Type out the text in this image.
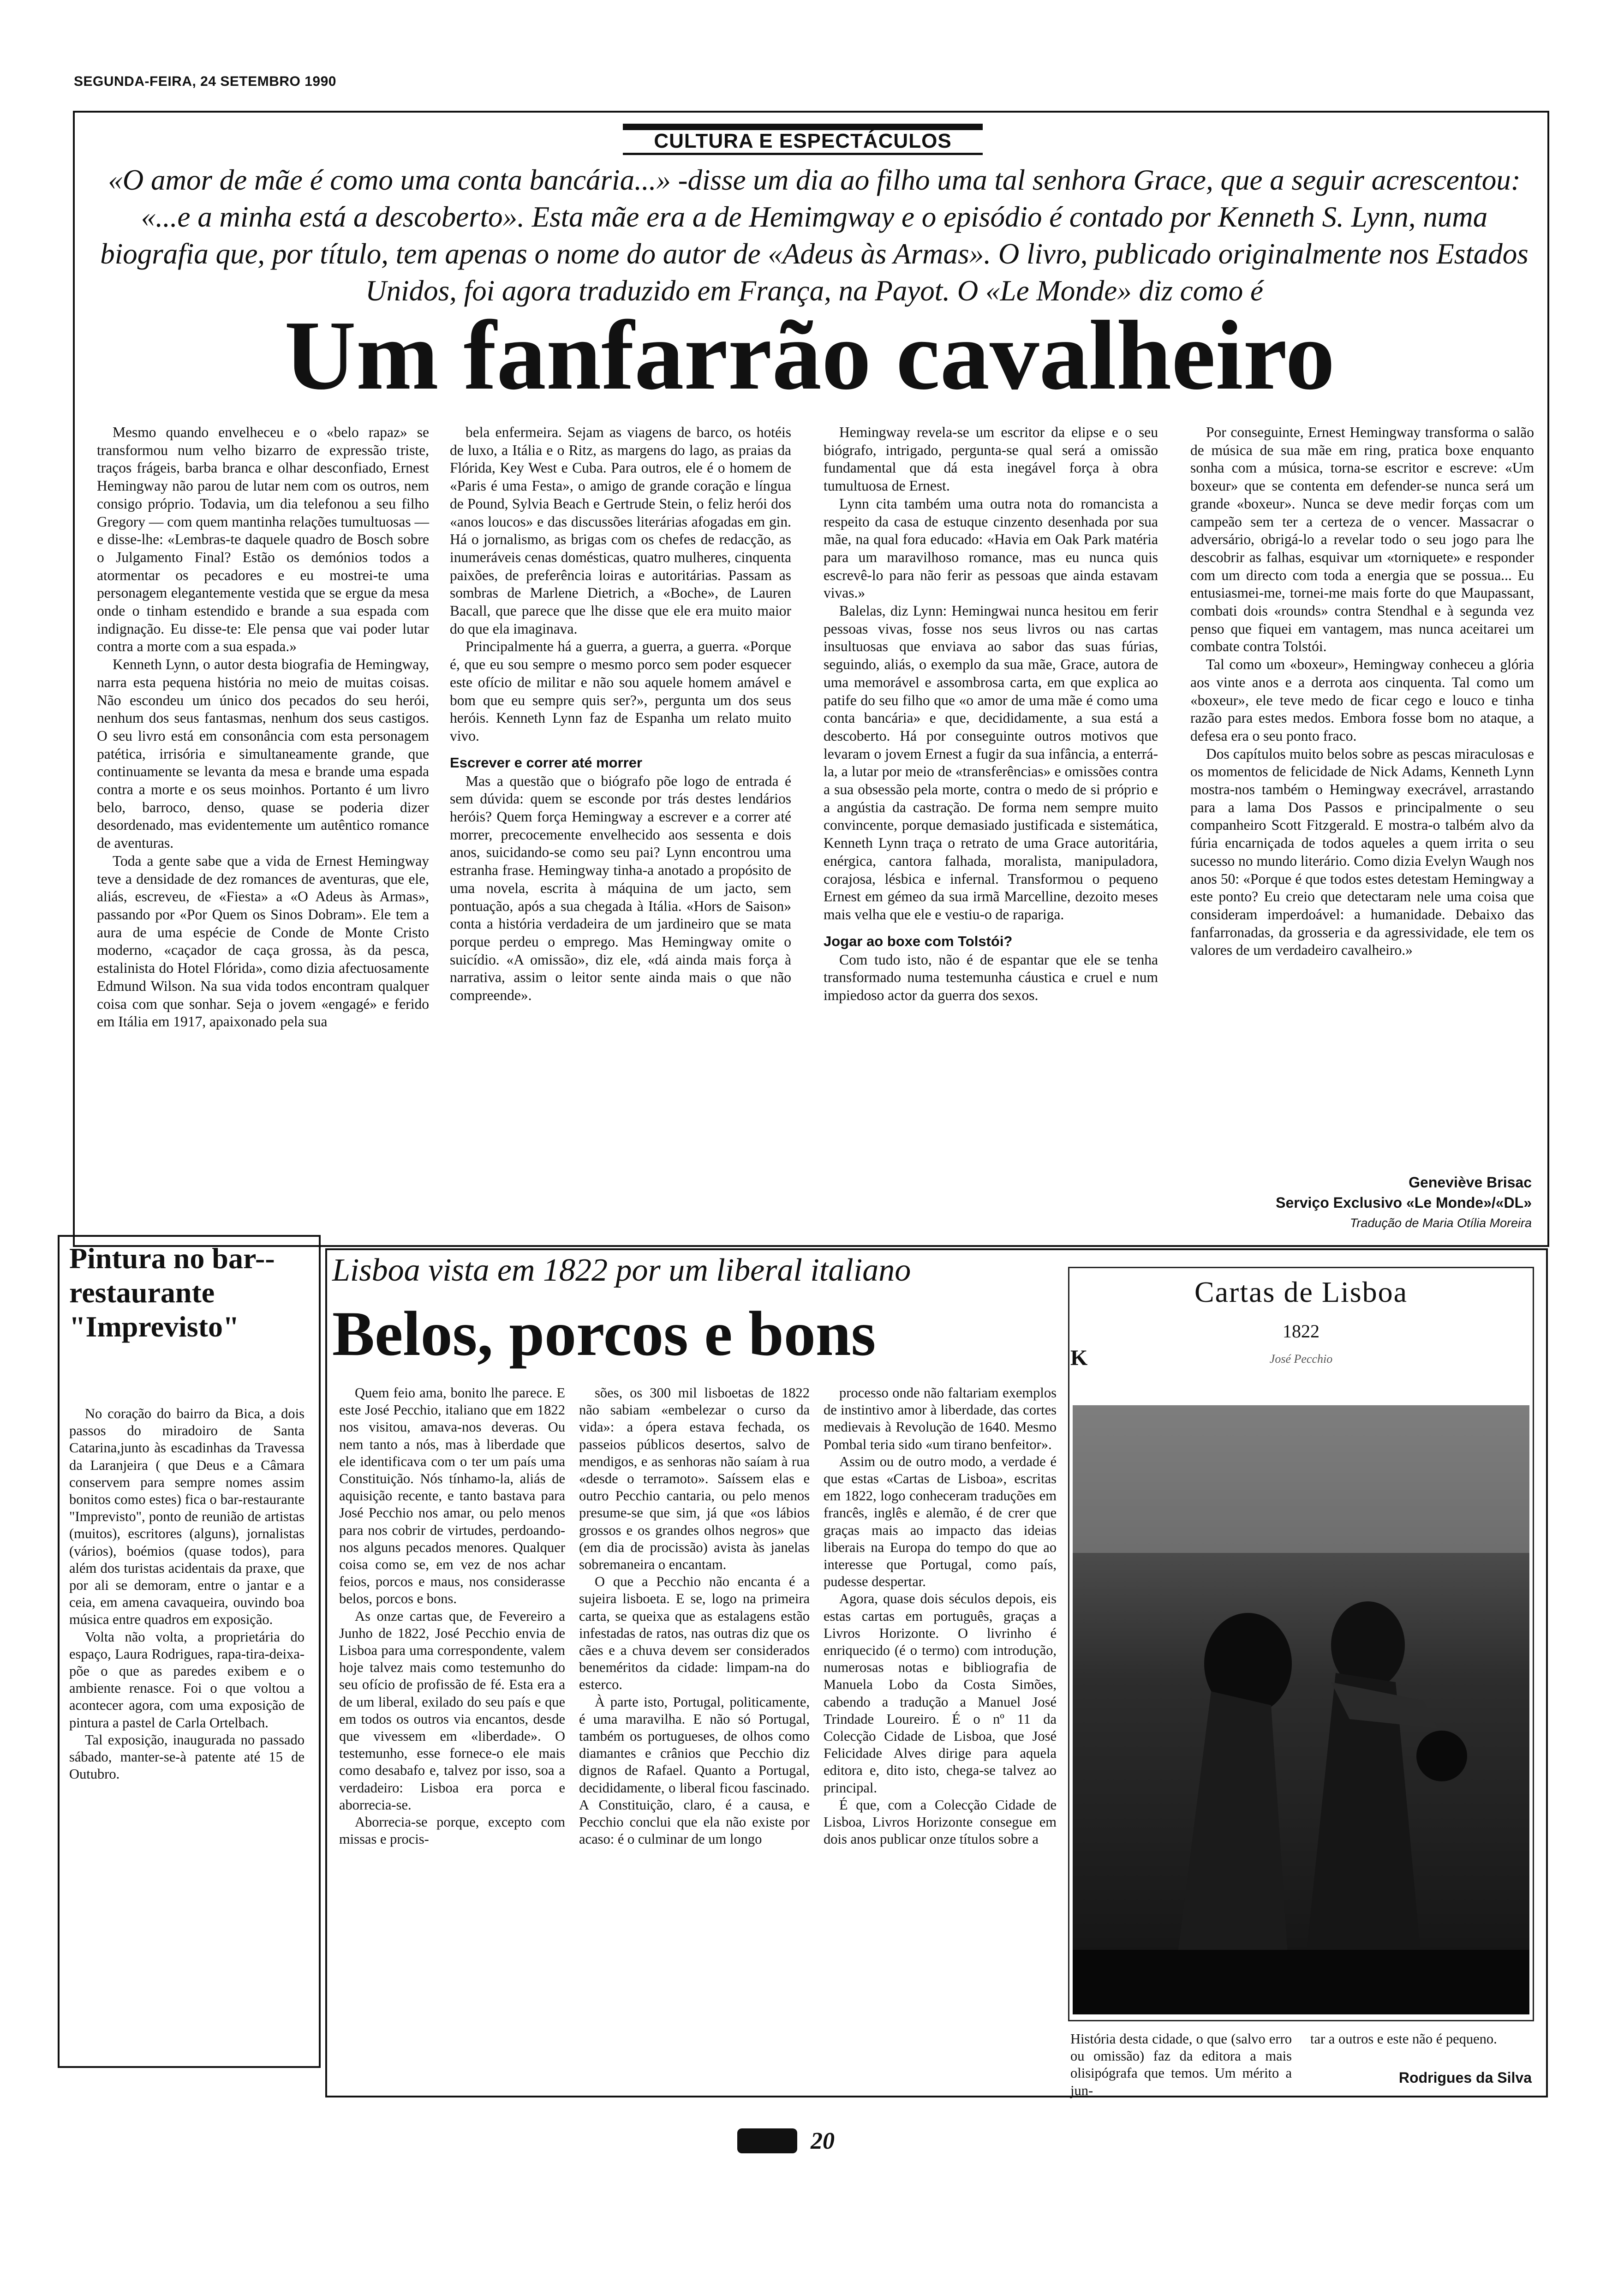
SEGUNDA-FEIRA, 24 SETEMBRO 1990
CULTURA E ESPECTÁCULOS
«O amor de mãe é como uma conta bancária...» -disse um dia ao filho uma tal senhora Grace, que a seguir acrescentou: «...e a minha está a descoberto». Esta mãe era a de Hemimgway e o episódio é contado por Kenneth S. Lynn, numa biografia que, por título, tem apenas o nome do autor de «Adeus às Armas». O livro, publicado originalmente nos Estados Unidos, foi agora traduzido em França, na Payot. O «Le Monde» diz como é
Um fanfarrão cavalheiro

Mesmo quando envelheceu e o «belo rapaz» se transformou num velho bizarro de expressão triste, traços frágeis, barba branca e olhar desconfiado, Ernest Hemingway não parou de lutar nem com os outros, nem consigo próprio. Todavia, um dia telefonou a seu filho Gregory — com quem mantinha relações tumultuosas — e disse-lhe: «Lembras-te daquele quadro de Bosch sobre o Julgamento Final? Estão os demónios todos a atormentar os pecadores e eu mostrei-te uma personagem elegantemente vestida que se ergue da mesa onde o tinham estendido e brande a sua espada com indignação. Eu disse-te: Ele pensa que vai poder lutar contra a morte com a sua espada.»

Kenneth Lynn, o autor desta biografia de Hemingway, narra esta pequena história no meio de muitas coisas. Não escondeu um único dos pecados do seu herói, nenhum dos seus fantasmas, nenhum dos seus castigos. O seu livro está em consonância com esta personagem patética, irrisória e simultaneamente grande, que continuamente se levanta da mesa e brande uma espada contra a morte e os seus moinhos. Portanto é um livro belo, barroco, denso, quase se poderia dizer desordenado, mas evidentemente um autêntico romance de aventuras.

Toda a gente sabe que a vida de Ernest Hemingway teve a densidade de dez romances de aventuras, que ele, aliás, escreveu, de «Fiesta» a «O Adeus às Armas», passando por «Por Quem os Sinos Dobram». Ele tem a aura de uma espécie de Conde de Monte Cristo moderno, «caçador de caça grossa, às da pesca, estalinista do Hotel Flórida», como dizia afectuosamente Edmund Wilson. Na sua vida todos encontram qualquer coisa com que sonhar. Seja o jovem «engagé» e ferido em Itália em 1917, apaixonado pela sua

bela enfermeira. Sejam as viagens de barco, os hotéis de luxo, a Itália e o Ritz, as margens do lago, as praias da Flórida, Key West e Cuba. Para outros, ele é o homem de «Paris é uma Festa», o amigo de grande coração e língua de Pound, Sylvia Beach e Gertrude Stein, o feliz herói dos «anos loucos» e das discussões literárias afogadas em gin. Há o jornalismo, as brigas com os chefes de redacção, as inumeráveis cenas domésticas, quatro mulheres, cinquenta paixões, de preferência loiras e autoritárias. Passam as sombras de Marlene Dietrich, a «Boche», de Lauren Bacall, que parece que lhe disse que ele era muito maior do que ela imaginava.

Principalmente há a guerra, a guerra, a guerra. «Porque é, que eu sou sempre o mesmo porco sem poder esquecer este ofício de militar e não sou aquele homem amável e bom que eu sempre quis ser?», pergunta um dos seus heróis. Kenneth Lynn faz de Espanha um relato muito vivo.

Escrever e correr até morrer

Mas a questão que o biógrafo põe logo de entrada é sem dúvida: quem se esconde por trás destes lendários heróis? Quem força Hemingway a escrever e a correr até morrer, precocemente envelhecido aos sessenta e dois anos, suicidando-se como seu pai? Lynn encontrou uma estranha frase. Hemingway tinha-a anotado a propósito de uma novela, escrita à máquina de um jacto, sem pontuação, após a sua chegada à Itália. «Hors de Saison» conta a história verdadeira de um jardineiro que se mata porque perdeu o emprego. Mas Hemingway omite o suicídio. «A omissão», diz ele, «dá ainda mais força à narrativa, assim o leitor sente ainda mais o que não compreende».

Hemingway revela-se um escritor da elipse e o seu biógrafo, intrigado, pergunta-se qual será a omissão fundamental que dá esta inegável força à obra tumultuosa de Ernest.

Lynn cita também uma outra nota do romancista a respeito da casa de estuque cinzento desenhada por sua mãe, na qual fora educado: «Havia em Oak Park matéria para um maravilhoso romance, mas eu nunca quis escrevê-lo para não ferir as pessoas que ainda estavam vivas.»

Balelas, diz Lynn: Hemingwai nunca hesitou em ferir pessoas vivas, fosse nos seus livros ou nas cartas insultuosas que enviava ao sabor das suas fúrias, seguindo, aliás, o exemplo da sua mãe, Grace, autora de uma memorável e assombrosa carta, em que explica ao patife do seu filho que «o amor de uma mãe é como uma conta bancária» e que, decididamente, a sua está a descoberto. Há por conseguinte outros motivos que levaram o jovem Ernest a fugir da sua infância, a enterrá-la, a lutar por meio de «transferências» e omissões contra a sua obsessão pela morte, contra o medo de si próprio e a angústia da castração. De forma nem sempre muito convincente, porque demasiado justificada e sistemática, Kenneth Lynn traça o retrato de uma Grace autoritária, enérgica, cantora falhada, moralista, manipuladora, corajosa, lésbica e infernal. Transformou o pequeno Ernest em gémeo da sua irmã Marcelline, dezoito meses mais velha que ele e vestiu-o de rapariga.

Jogar ao boxe com Tolstói?

Com tudo isto, não é de espantar que ele se tenha transformado numa testemunha cáustica e cruel e num impiedoso actor da guerra dos sexos.

Por conseguinte, Ernest Hemingway transforma o salão de música de sua mãe em ring, pratica boxe enquanto sonha com a música, torna-se escritor e escreve: «Um boxeur» que se contenta em defender-se nunca será um grande «boxeur». Nunca se deve medir forças com um campeão sem ter a certeza de o vencer. Massacrar o adversário, obrigá-lo a revelar todo o seu jogo para lhe descobrir as falhas, esquivar um «torniquete» e responder com um directo com toda a energia que se possua... Eu entusiasmei-me, tornei-me mais forte do que Maupassant, combati dois «rounds» contra Stendhal e à segunda vez penso que fiquei em vantagem, mas nunca aceitarei um combate contra Tolstói.

Tal como um «boxeur», Hemingway conheceu a glória aos vinte anos e a derrota aos cinquenta. Tal como um «boxeur», ele teve medo de ficar cego e louco e tinha razão para estes medos. Embora fosse bom no ataque, a defesa era o seu ponto fraco.

Dos capítulos muito belos sobre as pescas miraculosas e os momentos de felicidade de Nick Adams, Kenneth Lynn mostra-nos também o Hemingway execrável, arrastando para a lama Dos Passos e principalmente o seu companheiro Scott Fitzgerald. E mostra-o talbém alvo da fúria encarniçada de todos aqueles a quem irrita o seu sucesso no mundo literário. Como dizia Evelyn Waugh nos anos 50: «Porque é que todos estes detestam Hemingway a este ponto? Eu creio que detectaram nele uma coisa que consideram imperdoável: a humanidade. Debaixo das fanfarronadas, da grosseria e da agressividade, ele tem os valores de um verdadeiro cavalheiro.»

Geneviève Brisac
Serviço Exclusivo «Le Monde»/«DL»
Tradução de Maria Otília Moreira
Pintura no bar--restaurante "Imprevisto"

No coração do bairro da Bica, a dois passos do miradoiro de Santa Catarina,junto às escadinhas da Travessa da Laranjeira ( que Deus e a Câmara conservem para sempre nomes assim bonitos como estes) fica o bar-restaurante "Imprevisto", ponto de reunião de artistas (muitos), escritores (alguns), jornalistas (vários), boémios (quase todos), para além dos turistas acidentais da praxe, que por ali se demoram, entre o jantar e a ceia, em amena cavaqueira, ouvindo boa música entre quadros em exposição.

Volta não volta, a proprietária do espaço, Laura Rodrigues, rapa-tira-deixa-põe o que as paredes exibem e o ambiente renasce. Foi o que voltou a acontecer agora, com uma exposição de pintura a pastel de Carla Ortelbach.

Tal exposição, inaugurada no passado sábado, manter-se-à patente até 15 de Outubro.

Lisboa vista em 1822 por um liberal italiano
Belos, porcos e bons

Quem feio ama, bonito lhe parece. E este José Pecchio, italiano que em 1822 nos visitou, amava-nos deveras. Ou nem tanto a nós, mas à liberdade que ele identificava com o ter um país uma Constituição. Nós tínhamo-la, aliás de aquisição recente, e tanto bastava para José Pecchio nos amar, ou pelo menos para nos cobrir de virtudes, perdoando-nos alguns pecados menores. Qualquer coisa como se, em vez de nos achar feios, porcos e maus, nos considerasse belos, porcos e bons.

As onze cartas que, de Fevereiro a Junho de 1822, José Pecchio envia de Lisboa para uma correspondente, valem hoje talvez mais como testemunho do seu ofício de profissão de fé. Esta era a de um liberal, exilado do seu país e que em todos os outros via encantos, desde que vivessem em «liberdade». O testemunho, esse fornece-o ele mais como desabafo e, talvez por isso, soa a verdadeiro: Lisboa era porca e aborrecia-se.

Aborrecia-se porque, excepto com missas e procis-

sões, os 300 mil lisboetas de 1822 não sabiam «embelezar o curso da vida»: a ópera estava fechada, os passeios públicos desertos, salvo de mendigos, e as senhoras não saíam à rua «desde o terramoto». Saíssem elas e outro Pecchio cantaria, ou pelo menos presume-se que sim, já que «os lábios grossos e os grandes olhos negros» que (em dia de procissão) avista às janelas sobremaneira o encantam.

O que a Pecchio não encanta é a sujeira lisboeta. E se, logo na primeira carta, se queixa que as estalagens estão infestadas de ratos, nas outras diz que os cães e a chuva devem ser considerados beneméritos da cidade: limpam-na do esterco.

À parte isto, Portugal, politicamente, é uma maravilha. E não só Portugal, também os portugueses, de olhos como diamantes e crânios que Pecchio diz dignos de Rafael. Quanto a Portugal, decididamente, o liberal ficou fascinado. A Constituição, claro, é a causa, e Pecchio conclui que ela não existe por acaso: é o culminar de um longo

processo onde não faltariam exemplos de instintivo amor à liberdade, das cortes medievais à Revolução de 1640. Mesmo Pombal teria sido «um tirano benfeitor».

Assim ou de outro modo, a verdade é que estas «Cartas de Lisboa», escritas em 1822, logo conheceram traduções em francês, inglês e alemão, é de crer que graças mais ao impacto das ideias liberais na Europa do tempo do que ao interesse que Portugal, como país, pudesse despertar.

Agora, quase dois séculos depois, eis estas cartas em português, graças a Livros Horizonte. O livrinho é enriquecido (é o termo) com introdução, numerosas notas e bibliografia de Manuela Lobo da Costa Simões, cabendo a tradução a Manuel José Trindade Loureiro. É o nº 11 da Colecção Cidade de Lisboa, que José Felicidade Alves dirige para aquela editora e, dito isto, chega-se talvez ao principal.

É que, com a Colecção Cidade de Lisboa, Livros Horizonte consegue em dois anos publicar onze títulos sobre a

Cartas de Lisboa
1822
José Pecchio
K
História desta cidade, o que (salvo erro ou omissão) faz da editora a mais olisipógrafa que temos. Um mérito a jun-
tar a outros e este não é pequeno.
Rodrigues da Silva
20
